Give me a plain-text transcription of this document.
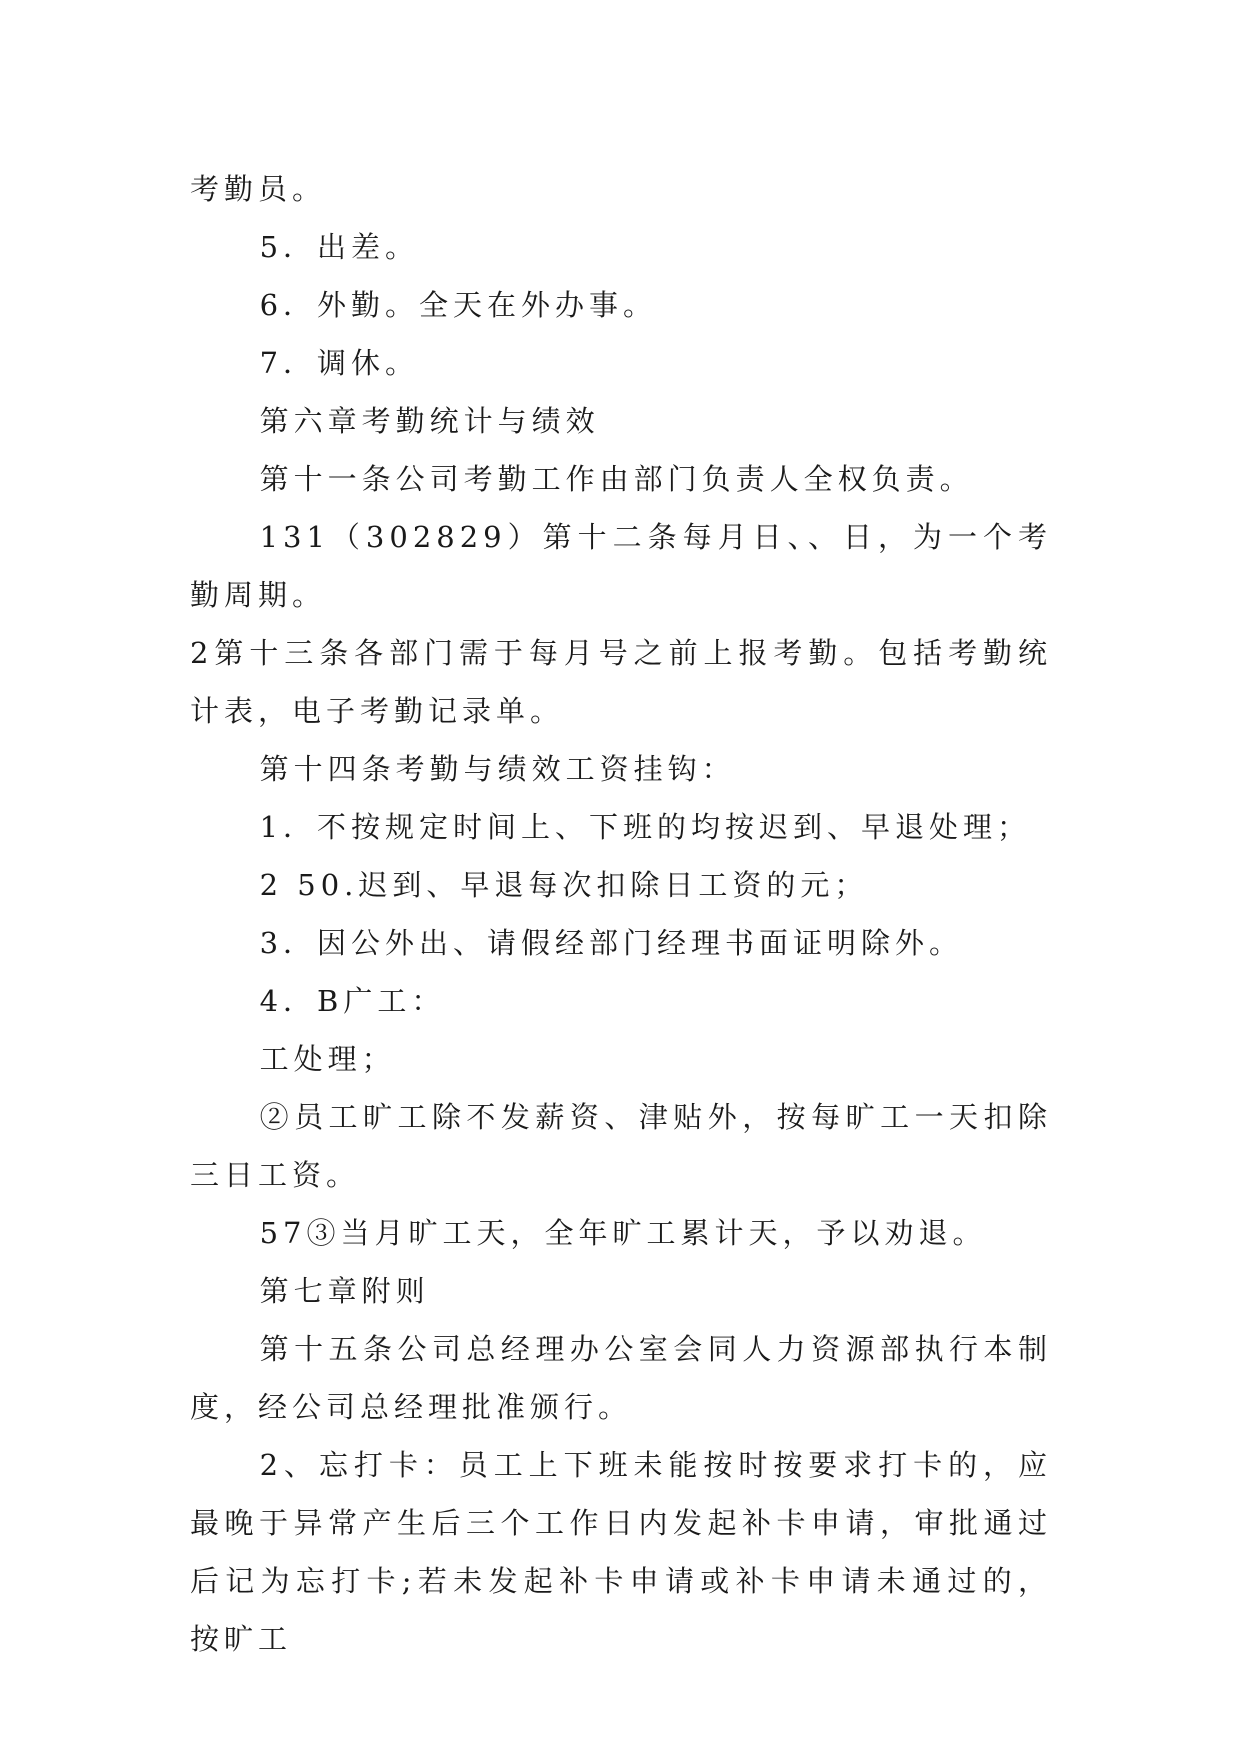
考勤员。

5．出差。

6．外勤。全天在外办事。

7．调休。

第六章考勤统计与绩效

第十一条公司考勤工作由部门负责人全权负责。

131（302829）第十二条每月日、、日，为一个考勤周期。

2第十三条各部门需于每月号之前上报考勤。包括考勤统计表，电子考勤记录单。

第十四条考勤与绩效工资挂钩：

1．不按规定时间上、下班的均按迟到、早退处理；

2 50.迟到、早退每次扣除日工资的元；

3．因公外出、请假经部门经理书面证明除外。

4．B广工：

工处理；

②员工旷工除不发薪资、津贴外，按每旷工一天扣除三日工资。

57③当月旷工天，全年旷工累计天，予以劝退。

第七章附则

第十五条公司总经理办公室会同人力资源部执行本制度，经公司总经理批准颁行。

2、忘打卡：员工上下班未能按时按要求打卡的，应最晚于异常产生后三个工作日内发起补卡申请，审批通过后记为忘打卡;若未发起补卡申请或补卡申请未通过的，按旷工
